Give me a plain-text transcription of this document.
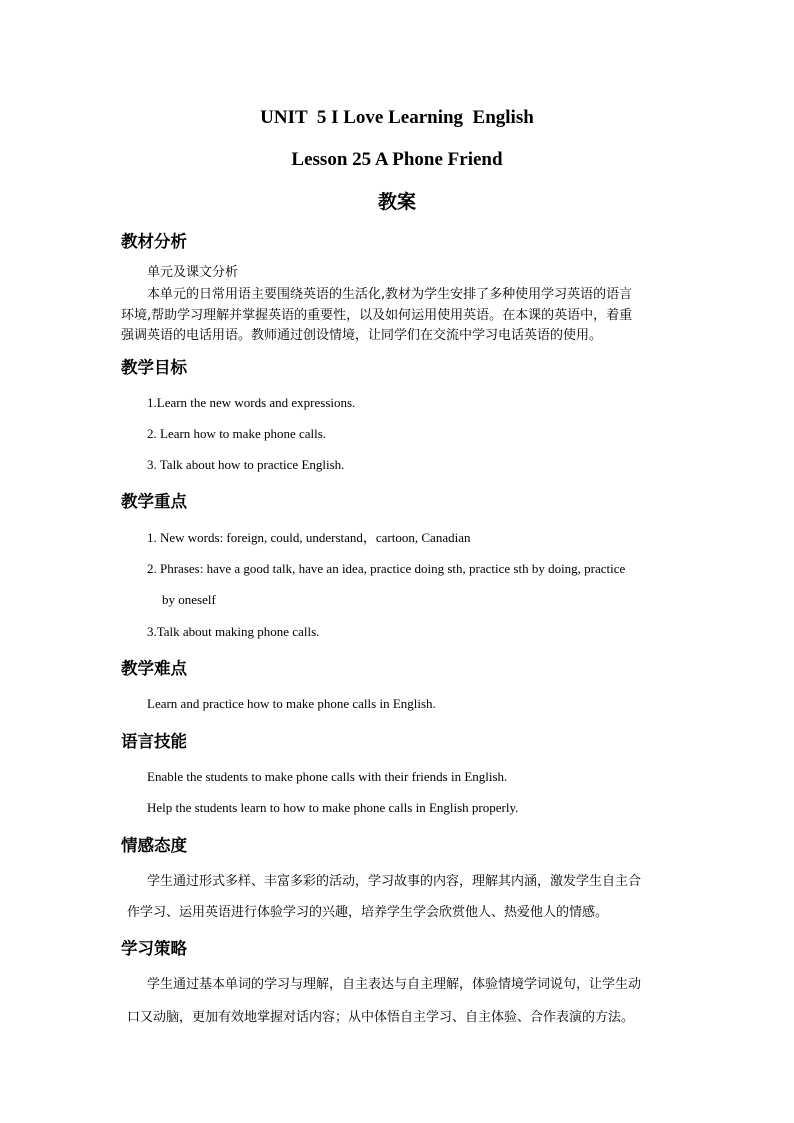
UNIT  5 I Love Learning  English
Lesson 25 A Phone Friend
教案
教材分析
单元及课文分析
本单元的日常用语主要围绕英语的生活化,教材为学生安排了多种使用学习英语的语言
环境,帮助学习理解并掌握英语的重要性，以及如何运用使用英语。在本课的英语中，着重
强调英语的电话用语。教师通过创设情境，让同学们在交流中学习电话英语的使用。
教学目标
1.Learn the new words and expressions.
2. Learn how to make phone calls.
3. Talk about how to practice English.
教学重点
1. New words: foreign, could, understand，cartoon, Canadian
2. Phrases: have a good talk, have an idea, practice doing sth, practice sth by doing, practice
by oneself
3.Talk about making phone calls.
教学难点
Learn and practice how to make phone calls in English.
语言技能
Enable the students to make phone calls with their friends in English.
Help the students learn to how to make phone calls in English properly.
情感态度
学生通过形式多样、丰富多彩的活动，学习故事的内容，理解其内涵，激发学生自主合
作学习、运用英语进行体验学习的兴趣，培养学生学会欣赏他人、热爱他人的情感。
学习策略
学生通过基本单词的学习与理解，自主表达与自主理解，体验情境学词说句，让学生动
口又动脑，更加有效地掌握对话内容；从中体悟自主学习、自主体验、合作表演的方法。
